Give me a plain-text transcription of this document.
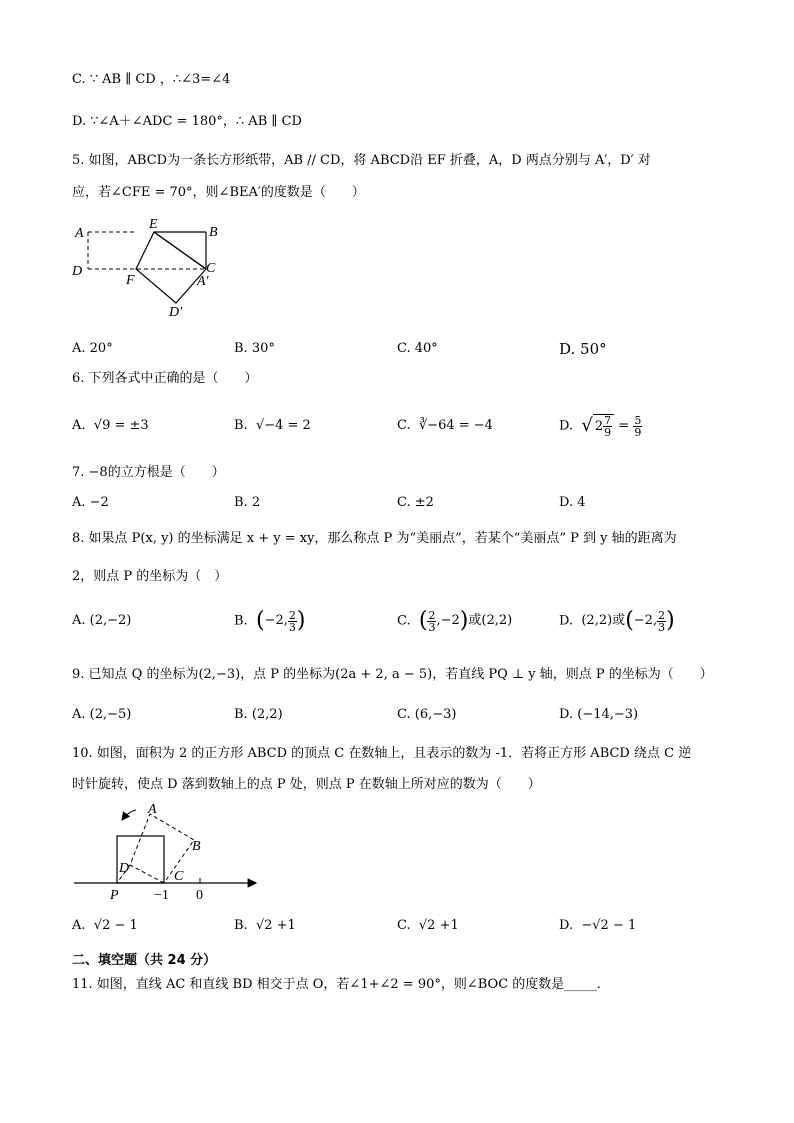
C. ∵ AB ∥ CD ，∴∠3=∠4
D. ∵∠A＋∠ADC = 180°，∴ AB ∥ CD
5. 如图，ABCD为一条长方形纸带，AB // CD，将 ABCD沿 EF 折叠，A，D 两点分别与 A′，D′ 对
应，若∠CFE = 70°，则∠BEA′的度数是（　　）
A
E
B
D
F
C
A′
D′
A. 20°	B. 30°	C. 40°	D. 50°
6. 下列各式中正确的是（　　）
A. √9 = ±3	B. √−4 = 2	C. ∛−64 = −4	D. √ $2 \frac{7}{9} = \frac{5}{9}$
7. −8的立方根是（　　）
A. −2	B. 2	C. ±2	D. 4
8. 如果点 P(x, y) 的坐标满足 x + y = xy，那么称点 P 为“美丽点”，若某个“美丽点” P 到 y 轴的距离为
2，则点 P 的坐标为（　）
A. (2,−2)	B. (−2, $\frac{2}{3}$ )	C. ( $\frac{2}{3} ,-2$)或(2,2)	D. (2,2)或(−2, $\frac{2}{3}$ )
9. 已知点 Q 的坐标为(2,−3)，点 P 的坐标为(2a + 2, a − 5)，若直线 PQ ⊥ y 轴，则点 P 的坐标为（　　）
A. (2,−5)	B. (2,2)	C. (6,−3)	D. (−14,−3)
10. 如图，面积为 2 的正方形 ABCD 的顶点 C 在数轴上，且表示的数为 -1．若将正方形 ABCD 绕点 C 逆
时针旋转，使点 D 落到数轴上的点 P 处，则点 P 在数轴上所对应的数为（　　）
A
B
D
C
P	−1 0
A. √2 − 1	B. √2 +1	C. √2 +1	D. −√2 − 1
二、填空题（共 24 分）
11. 如图，直线 AC 和直线 BD 相交于点 O，若∠1+∠2 = 90°，则∠BOC 的度数是_____.
